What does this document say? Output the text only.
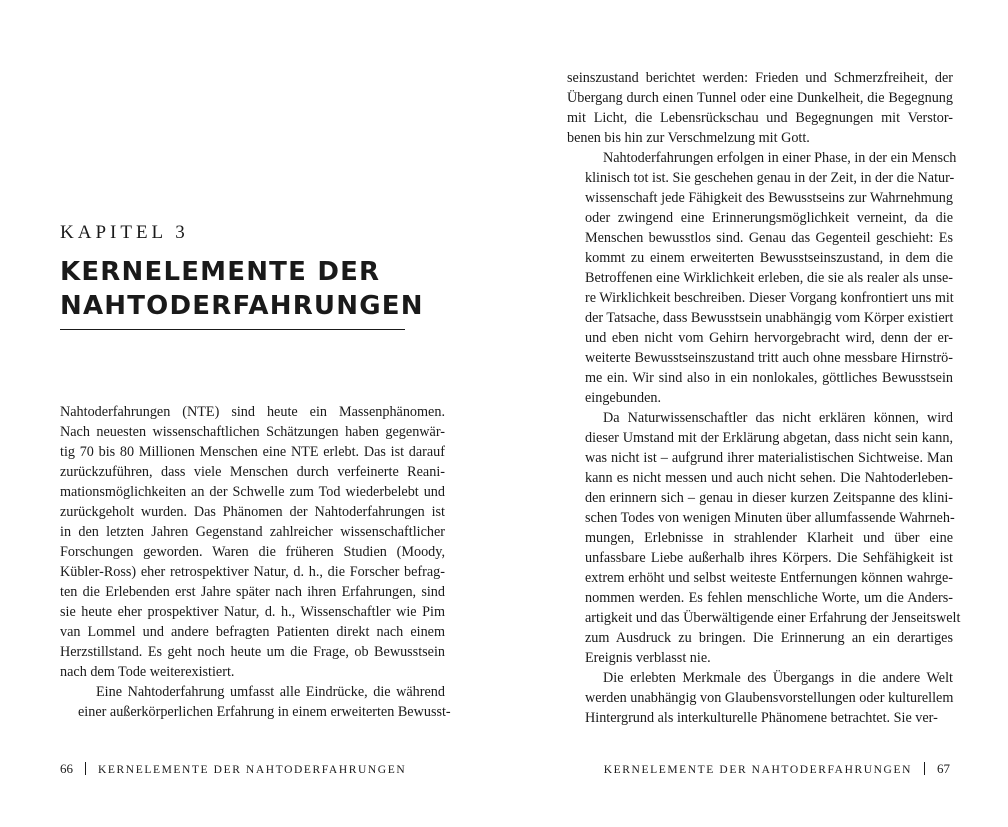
KAPITEL 3
KERNELEMENTE DER
NAHTODERFAHRUNGEN

Nahtoderfahrungen (NTE) sind heute ein Massenphänomen.
Nach neuesten wissenschaftlichen Schätzungen haben gegenwär-
tig 70 bis 80 Millionen Menschen eine NTE erlebt. Das ist darauf
zurückzuführen, dass viele Menschen durch verfeinerte Reani-
mationsmöglichkeiten an der Schwelle zum Tod wiederbelebt und
zurückgeholt wurden. Das Phänomen der Nahtoderfahrungen ist
in den letzten Jahren Gegenstand zahlreicher wissenschaftlicher
Forschungen geworden. Waren die früheren Studien (Moody,
Kübler-Ross) eher retrospektiver Natur, d. h., die Forscher befrag-
ten die Erlebenden erst Jahre später nach ihren Erfahrungen, sind
sie heute eher prospektiver Natur, d. h., Wissenschaftler wie Pim
van Lommel und andere befragten Patienten direkt nach einem
Herzstillstand. Es geht noch heute um die Frage, ob Bewusstsein
nach dem Tode weiterexistiert.

Eine Nahtoderfahrung umfasst alle Eindrücke, die während
einer außerkörperlichen Erfahrung in einem erweiterten Bewusst-

66 KERNELEMENTE DER NAHTODERFAHRUNGEN

seinszustand berichtet werden: Frieden und Schmerzfreiheit, der
Übergang durch einen Tunnel oder eine Dunkelheit, die Begegnung
mit Licht, die Lebensrückschau und Begegnungen mit Verstor-
benen bis hin zur Verschmelzung mit Gott.

Nahtoderfahrungen erfolgen in einer Phase, in der ein Mensch
klinisch tot ist. Sie geschehen genau in der Zeit, in der die Natur-
wissenschaft jede Fähigkeit des Bewusstseins zur Wahrnehmung
oder zwingend eine Erinnerungsmöglichkeit verneint, da die
Menschen bewusstlos sind. Genau das Gegenteil geschieht: Es
kommt zu einem erweiterten Bewusstseinszustand, in dem die
Betroffenen eine Wirklichkeit erleben, die sie als realer als unse-
re Wirklichkeit beschreiben. Dieser Vorgang konfrontiert uns mit
der Tatsache, dass Bewusstsein unabhängig vom Körper existiert
und eben nicht vom Gehirn hervorgebracht wird, denn der er-
weiterte Bewusstseinszustand tritt auch ohne messbare Hirnströ-
me ein. Wir sind also in ein nonlokales, göttliches Bewusstsein
eingebunden.

Da Naturwissenschaftler das nicht erklären können, wird
dieser Umstand mit der Erklärung abgetan, dass nicht sein kann,
was nicht ist – aufgrund ihrer materialistischen Sichtweise. Man
kann es nicht messen und auch nicht sehen. Die Nahtoderleben-
den erinnern sich – genau in dieser kurzen Zeitspanne des klini-
schen Todes von wenigen Minuten über allumfassende Wahrneh-
mungen, Erlebnisse in strahlender Klarheit und über eine
unfassbare Liebe außerhalb ihres Körpers. Die Sehfähigkeit ist
extrem erhöht und selbst weiteste Entfernungen können wahrge-
nommen werden. Es fehlen menschliche Worte, um die Anders-
artigkeit und das Überwältigende einer Erfahrung der Jenseitswelt
zum Ausdruck zu bringen. Die Erinnerung an ein derartiges
Ereignis verblasst nie.

Die erlebten Merkmale des Übergangs in die andere Welt
werden unabhängig von Glaubensvorstellungen oder kulturellem
Hintergrund als interkulturelle Phänomene betrachtet. Sie ver-

KERNELEMENTE DER NAHTODERFAHRUNGEN 67
